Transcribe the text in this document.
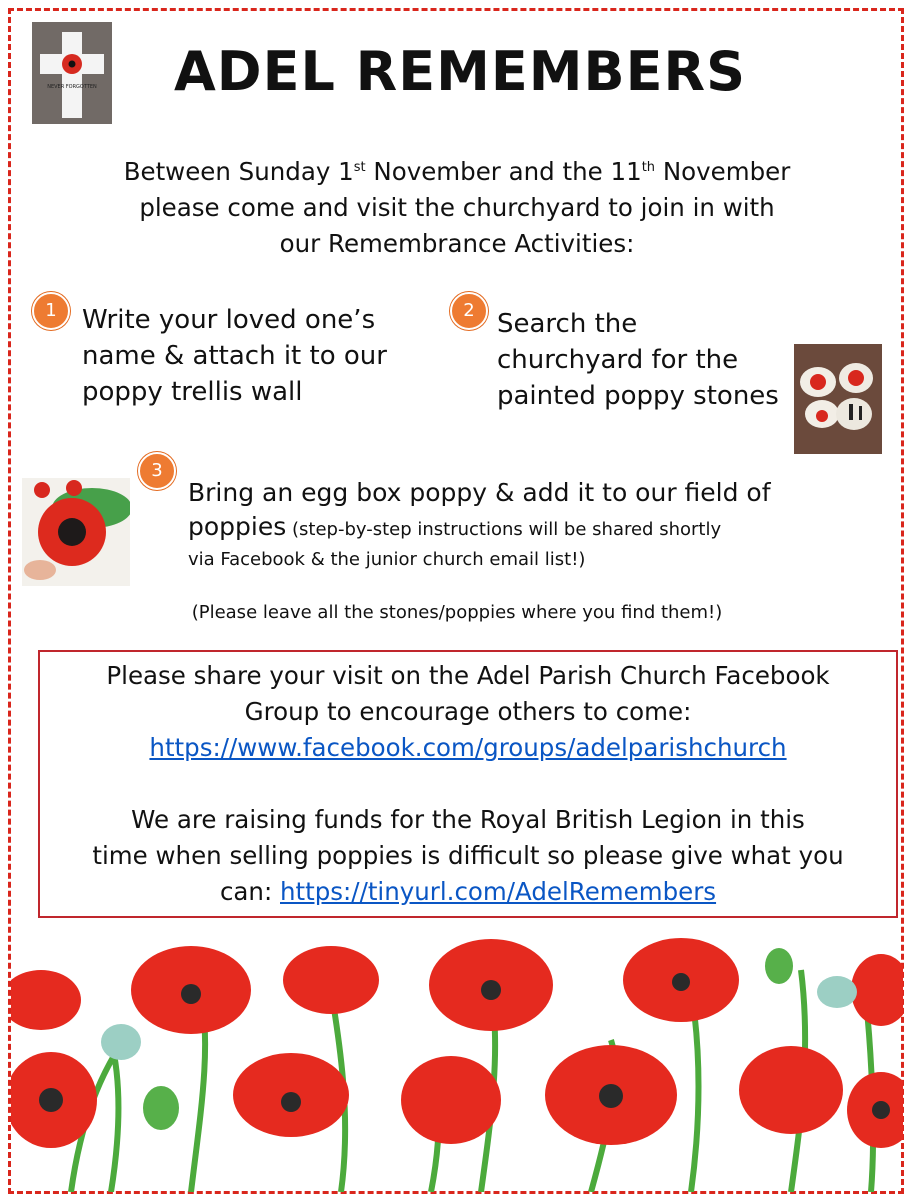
NEVER FORGOTTEN	ADEL REMEMBERS
Between Sunday 1st November and the 11th November
please come and visit the churchyard to join in with
our Remembrance Activities:
1 Write your loved one’s
name & attach it to our
poppy trellis wall
2 Search the
churchyard for the
painted poppy stones
3
Bring an egg box poppy & add it to our field of
poppies (step-by-step instructions will be shared shortly
via Facebook & the junior church email list!)
(Please leave all the stones/poppies where you find them!)
Please share your visit on the Adel Parish Church Facebook
Group to encourage others to come:
https://www.facebook.com/groups/adelparishchurch
We are raising funds for the Royal British Legion in this
time when selling poppies is difficult so please give what you
can: https://tinyurl.com/AdelRemembers
